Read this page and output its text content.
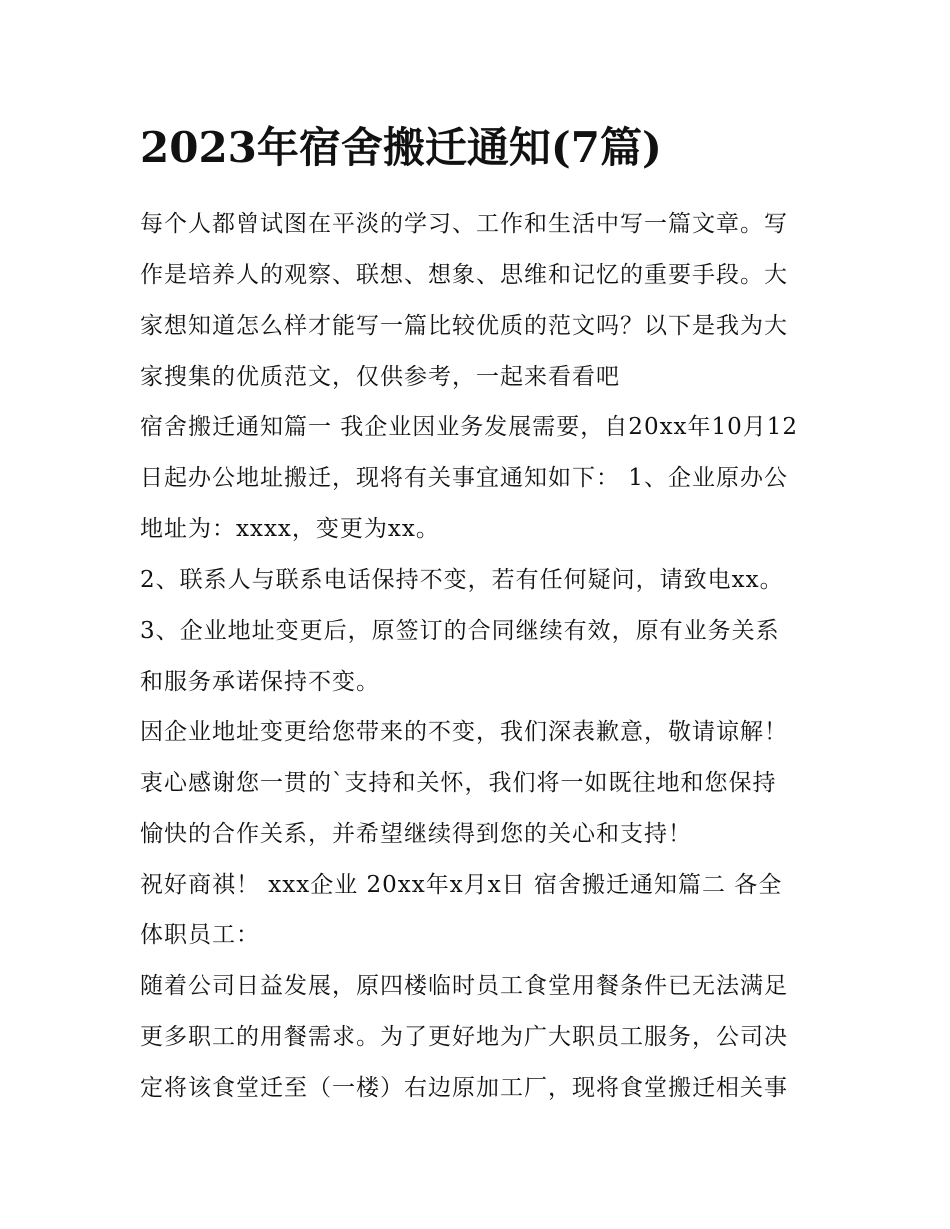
2023年宿舍搬迁通知(7篇)

每个人都曾试图在平淡的学习、工作和生活中写一篇文章。写

作是培养人的观察、联想、想象、思维和记忆的重要手段。大

家想知道怎么样才能写一篇比较优质的范文吗？以下是我为大

家搜集的优质范文，仅供参考，一起来看看吧

宿舍搬迁通知篇一 我企业因业务发展需要，自20xx年10月12

日起办公地址搬迁，现将有关事宜通知如下： 1、企业原办公

地址为：xxxx，变更为xx。

2、联系人与联系电话保持不变，若有任何疑问，请致电xx。

3、企业地址变更后，原签订的合同继续有效，原有业务关系

和服务承诺保持不变。

因企业地址变更给您带来的不变，我们深表歉意，敬请谅解！

衷心感谢您一贯的`支持和关怀，我们将一如既往地和您保持

愉快的合作关系，并希望继续得到您的关心和支持！

祝好商祺！ xxx企业 20xx年x月x日 宿舍搬迁通知篇二 各全

体职员工：

随着公司日益发展，原四楼临时员工食堂用餐条件已无法满足

更多职工的用餐需求。为了更好地为广大职员工服务，公司决

定将该食堂迁至（一楼）右边原加工厂，现将食堂搬迁相关事
